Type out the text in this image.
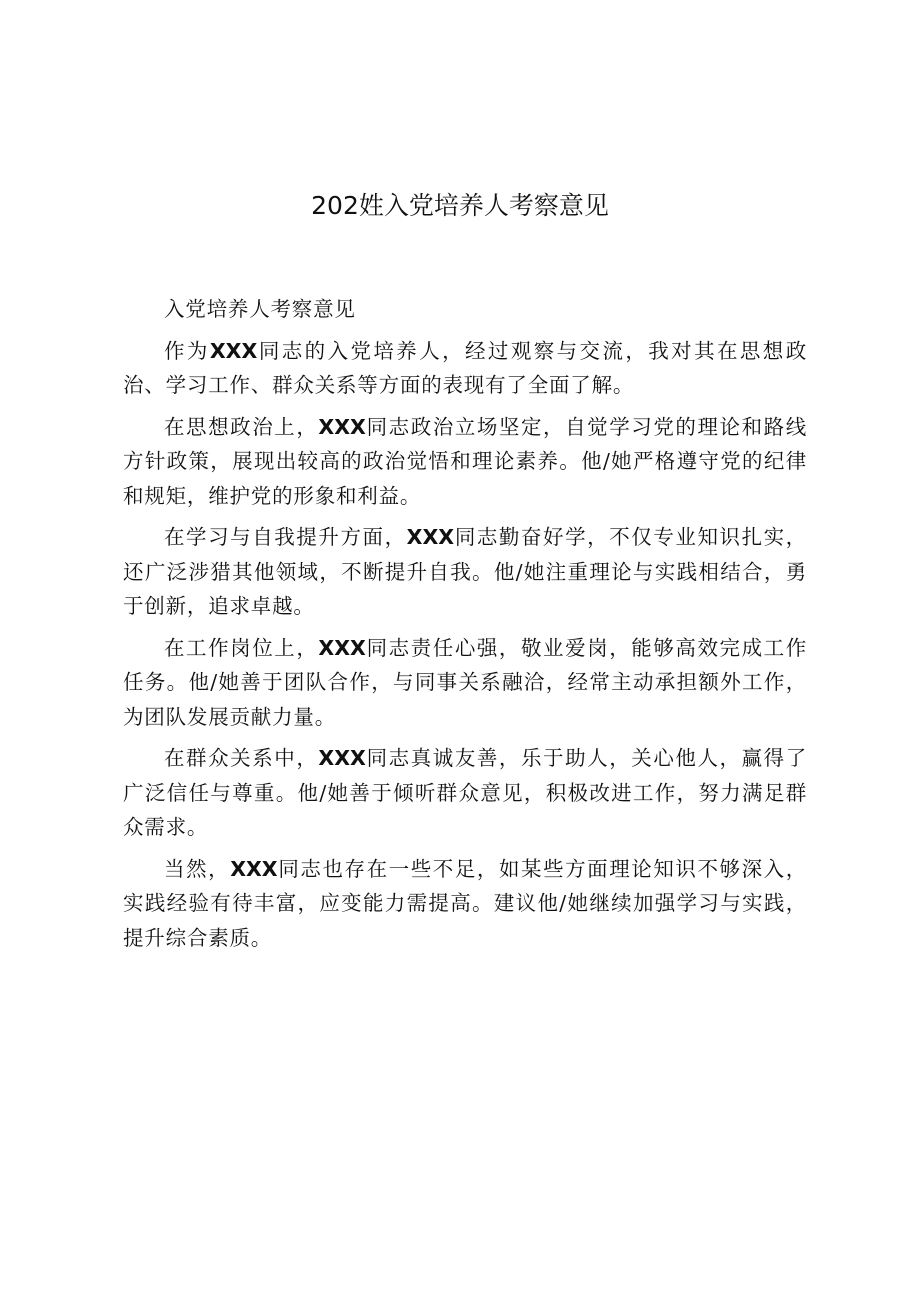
202姓入党培养人考察意见

入党培养人考察意见

作为XXX同志的入党培养人，经过观察与交流，我对其在思想政治、学习工作、群众关系等方面的表现有了全面了解。

在思想政治上，XXX同志政治立场坚定，自觉学习党的理论和路线方针政策，展现出较高的政治觉悟和理论素养。他/她严格遵守党的纪律和规矩，维护党的形象和利益。

在学习与自我提升方面，XXX同志勤奋好学，不仅专业知识扎实，还广泛涉猎其他领域，不断提升自我。他/她注重理论与实践相结合，勇于创新，追求卓越。

在工作岗位上，XXX同志责任心强，敬业爱岗，能够高效完成工作任务。他/她善于团队合作，与同事关系融洽，经常主动承担额外工作，为团队发展贡献力量。

在群众关系中，XXX同志真诚友善，乐于助人，关心他人，赢得了广泛信任与尊重。他/她善于倾听群众意见，积极改进工作，努力满足群众需求。

当然，XXX同志也存在一些不足，如某些方面理论知识不够深入，实践经验有待丰富，应变能力需提高。建议他/她继续加强学习与实践，提升综合素质。
